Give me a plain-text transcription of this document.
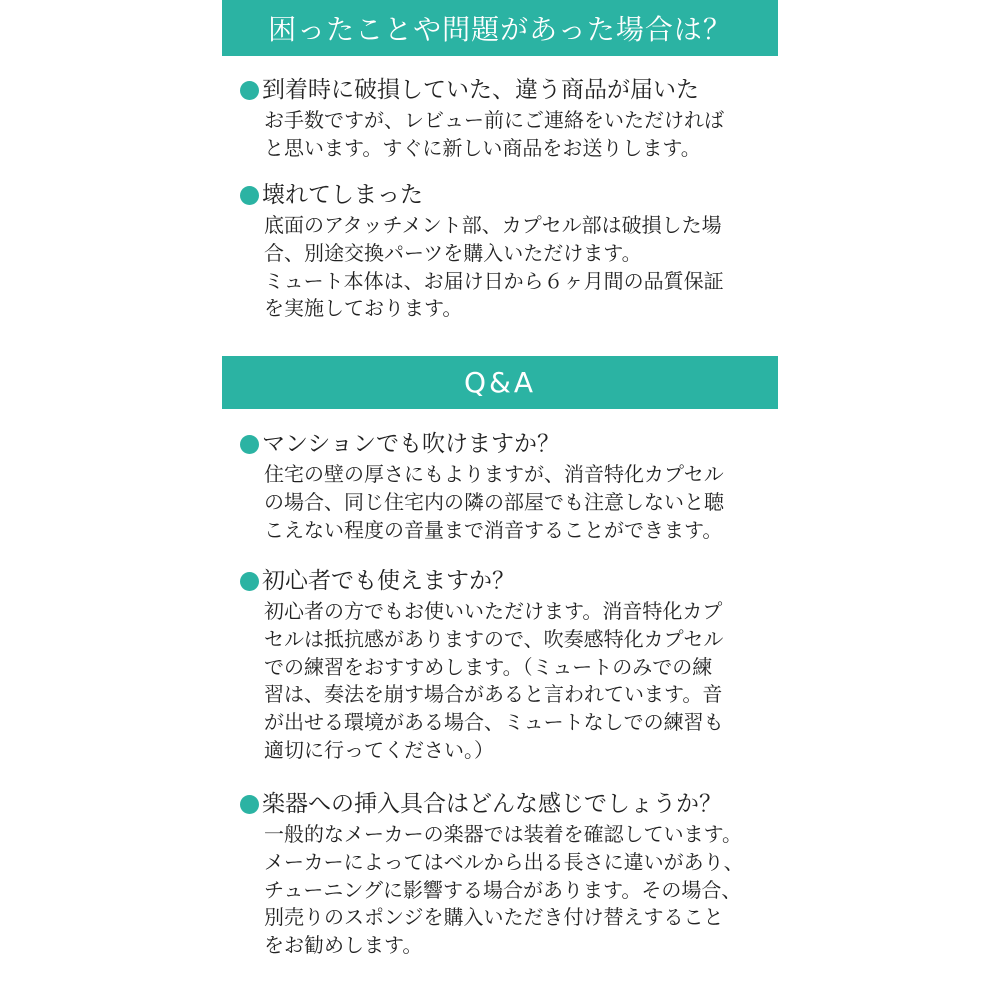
困ったことや問題があった場合は？
到着時に破損していた、違う商品が届いた
お手数ですが、レビュー前にご連絡をいただければ
と思います。すぐに新しい商品をお送りします。
壊れてしまった
底面のアタッチメント部、カプセル部は破損した場
合、別途交換パーツを購入いただけます。
ミュート本体は、お届け日から６ヶ月間の品質保証
を実施しております。
Q&A
マンションでも吹けますか？
住宅の壁の厚さにもよりますが、消音特化カプセル
の場合、同じ住宅内の隣の部屋でも注意しないと聴
こえない程度の音量まで消音することができます。
初心者でも使えますか？
初心者の方でもお使いいただけます。消音特化カプ
セルは抵抗感がありますので、吹奏感特化カプセル
での練習をおすすめします。（ミュートのみでの練
習は、奏法を崩す場合があると言われています。音
が出せる環境がある場合、ミュートなしでの練習も
適切に行ってください。）
楽器への挿入具合はどんな感じでしょうか？
一般的なメーカーの楽器では装着を確認しています。
メーカーによってはベルから出る長さに違いがあり、
チューニングに影響する場合があります。その場合、
別売りのスポンジを購入いただき付け替えすること
をお勧めします。
